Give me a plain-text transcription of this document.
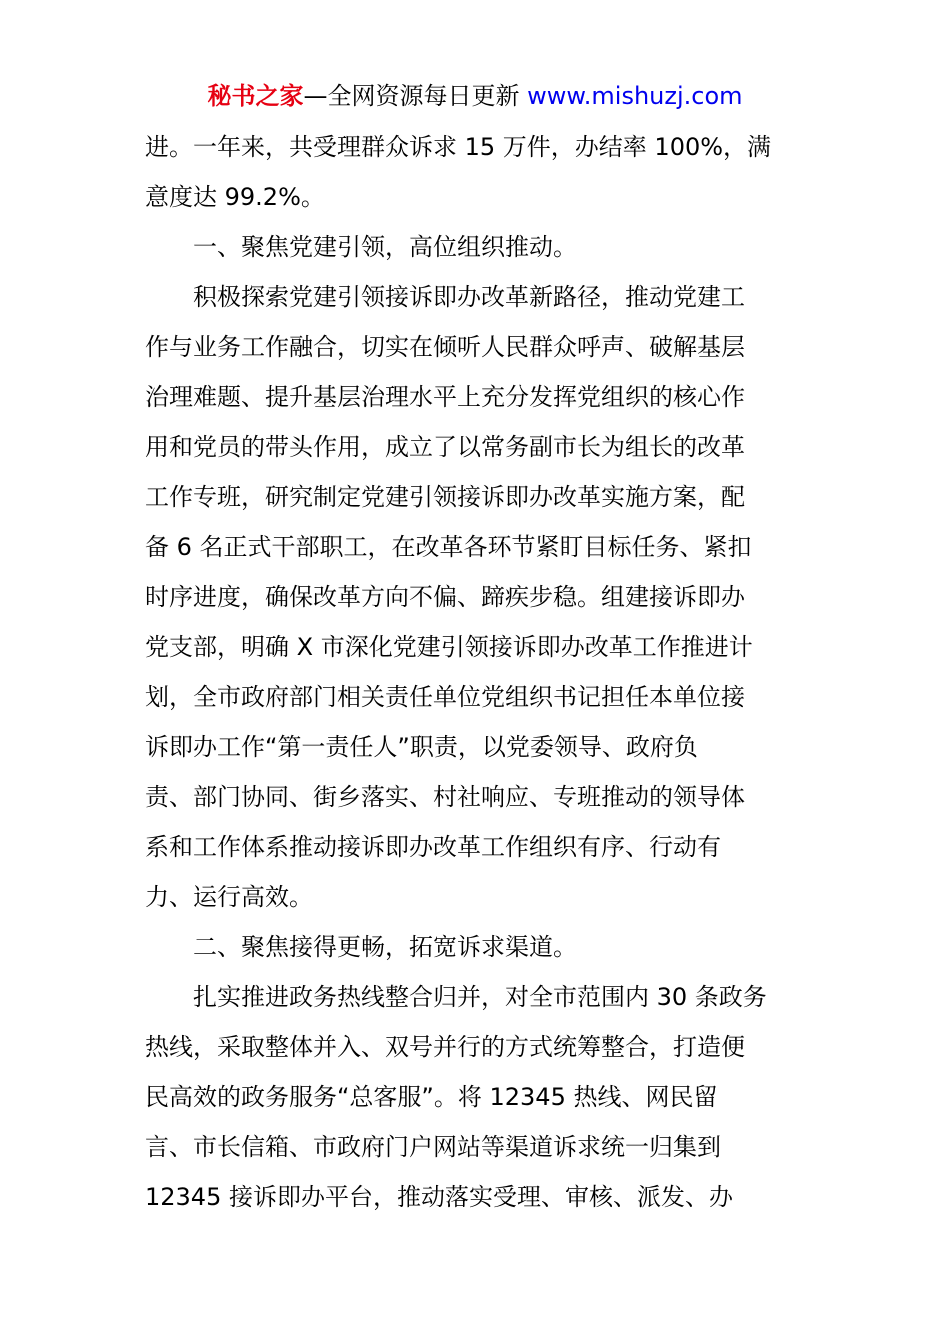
秘书之家—全网资源每日更新 www.mishuzj.com
进。一年来，共受理群众诉求 15 万件，办结率 100%，满
意度达 99.2%。
一、聚焦党建引领，高位组织推动。
积极探索党建引领接诉即办改革新路径，推动党建工
作与业务工作融合，切实在倾听人民群众呼声、破解基层
治理难题、提升基层治理水平上充分发挥党组织的核心作
用和党员的带头作用，成立了以常务副市长为组长的改革
工作专班，研究制定党建引领接诉即办改革实施方案，配
备 6 名正式干部职工，在改革各环节紧盯目标任务、紧扣
时序进度，确保改革方向不偏、蹄疾步稳。组建接诉即办
党支部，明确 X 市深化党建引领接诉即办改革工作推进计
划，全市政府部门相关责任单位党组织书记担任本单位接
诉即办工作“第一责任人”职责，以党委领导、政府负
责、部门协同、街乡落实、村社响应、专班推动的领导体
系和工作体系推动接诉即办改革工作组织有序、行动有
力、运行高效。
二、聚焦接得更畅，拓宽诉求渠道。
扎实推进政务热线整合归并，对全市范围内 30 条政务
热线，采取整体并入、双号并行的方式统筹整合，打造便
民高效的政务服务“总客服”。将 12345 热线、网民留
言、市长信箱、市政府门户网站等渠道诉求统一归集到
12345 接诉即办平台，推动落实受理、审核、派发、办
